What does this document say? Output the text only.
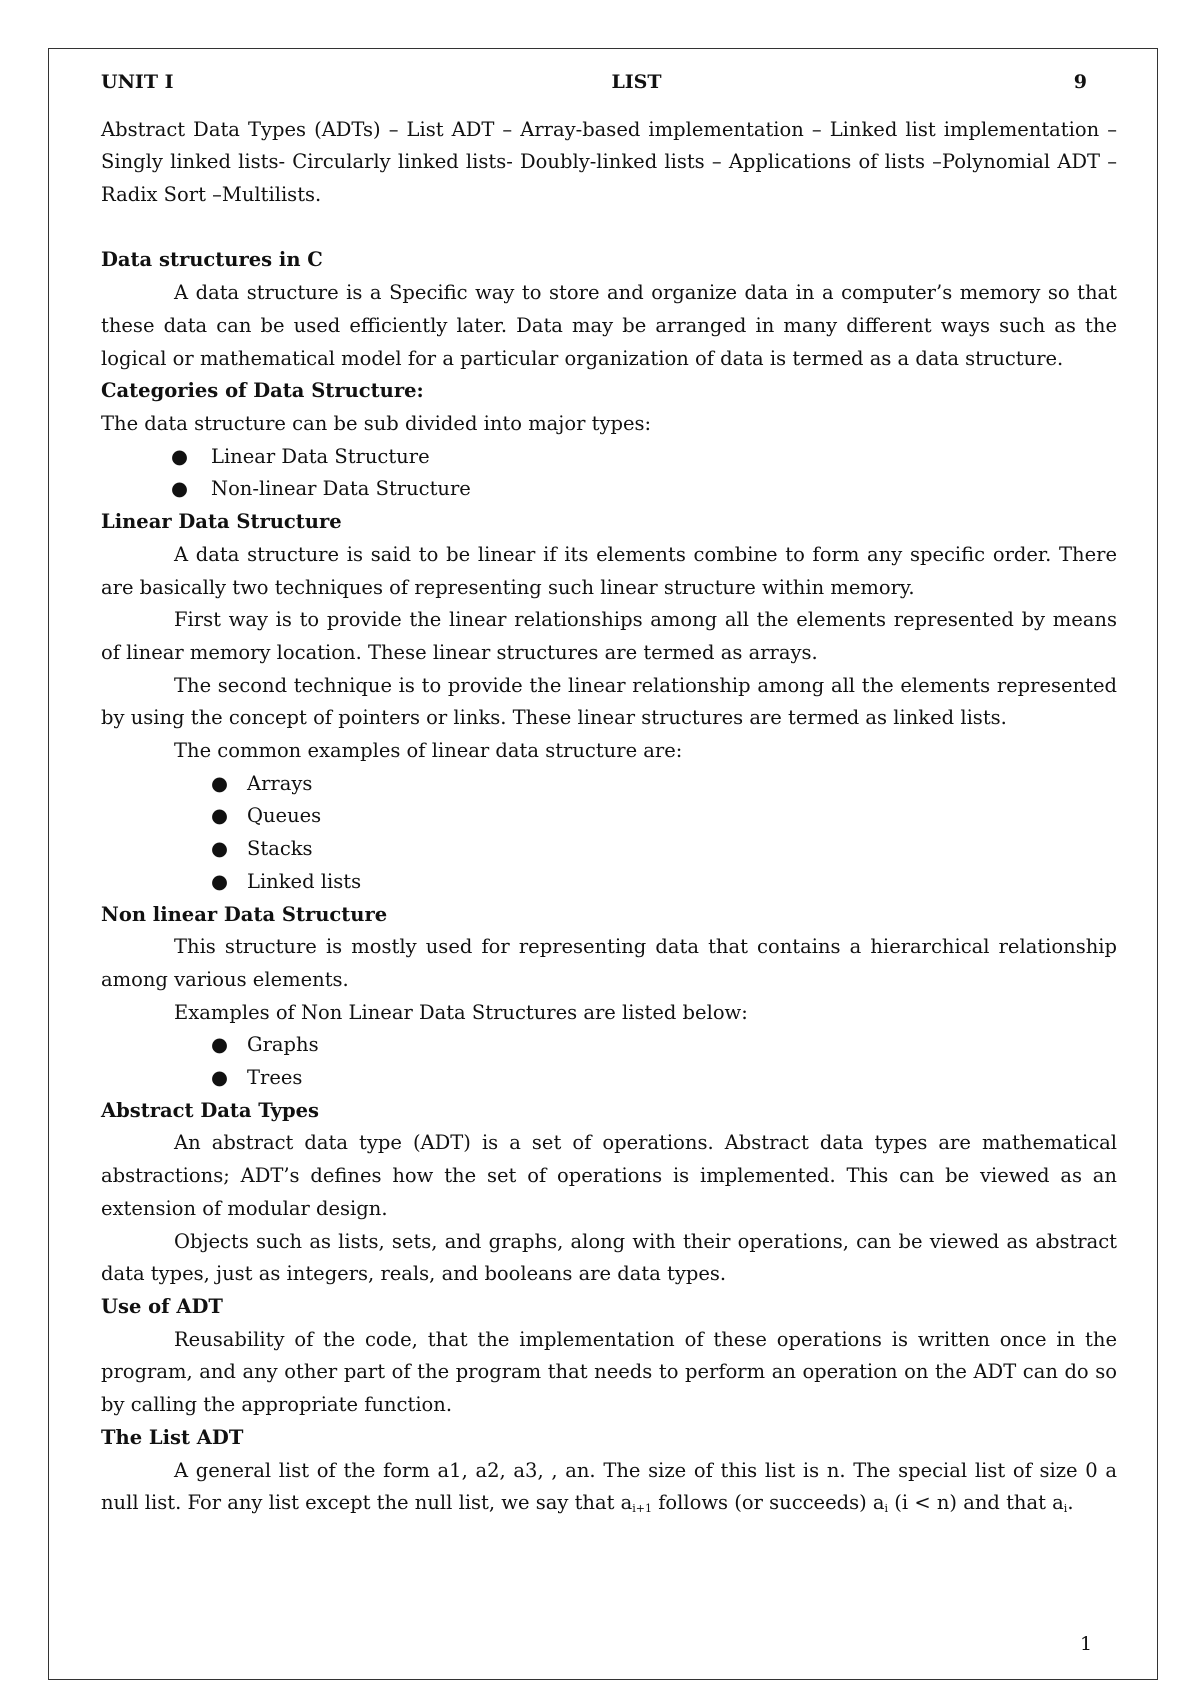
UNIT I	LIST	9

Abstract Data Types (ADTs) – List ADT – Array-based implementation – Linked list implementation –Singly linked lists- Circularly linked lists- Doubly-linked lists – Applications of lists –Polynomial ADT – Radix Sort –Multilists.

Data structures in C

A data structure is a Specific way to store and organize data in a computer’s memory so that these data can be used efficiently later. Data may be arranged in many different ways such as the logical or mathematical model for a particular organization of data is termed as a data structure.

Categories of Data Structure:

The data structure can be sub divided into major types:

● Linear Data Structure
● Non-linear Data Structure
Linear Data Structure

A data structure is said to be linear if its elements combine to form any specific order. There are basically two techniques of representing such linear structure within memory.

First way is to provide the linear relationships among all the elements represented by means of linear memory location. These linear structures are termed as arrays.

The second technique is to provide the linear relationship among all the elements represented by using the concept of pointers or links. These linear structures are termed as linked lists.

The common examples of linear data structure are:

● Arrays
● Queues
● Stacks
● Linked lists
Non linear Data Structure

This structure is mostly used for representing data that contains a hierarchical relationship among various elements.

Examples of Non Linear Data Structures are listed below:

● Graphs
● Trees
Abstract Data Types

An abstract data type (ADT) is a set of operations. Abstract data types are mathematical abstractions; ADT’s defines how the set of operations is implemented. This can be viewed as an extension of modular design.

Objects such as lists, sets, and graphs, along with their operations, can be viewed as abstract data types, just as integers, reals, and booleans are data types.

Use of ADT

Reusability of the code, that the implementation of these operations is written once in the program, and any other part of the program that needs to perform an operation on the ADT can do so by calling the appropriate function.

The List ADT

A general list of the form a1, a2, a3, , an. The size of this list is n. The special list of size 0 a null list. For any list except the null list, we say that $a_{i+1}$ follows (or succeeds) $a_i$ (i < n) and that $a_i$.

1
